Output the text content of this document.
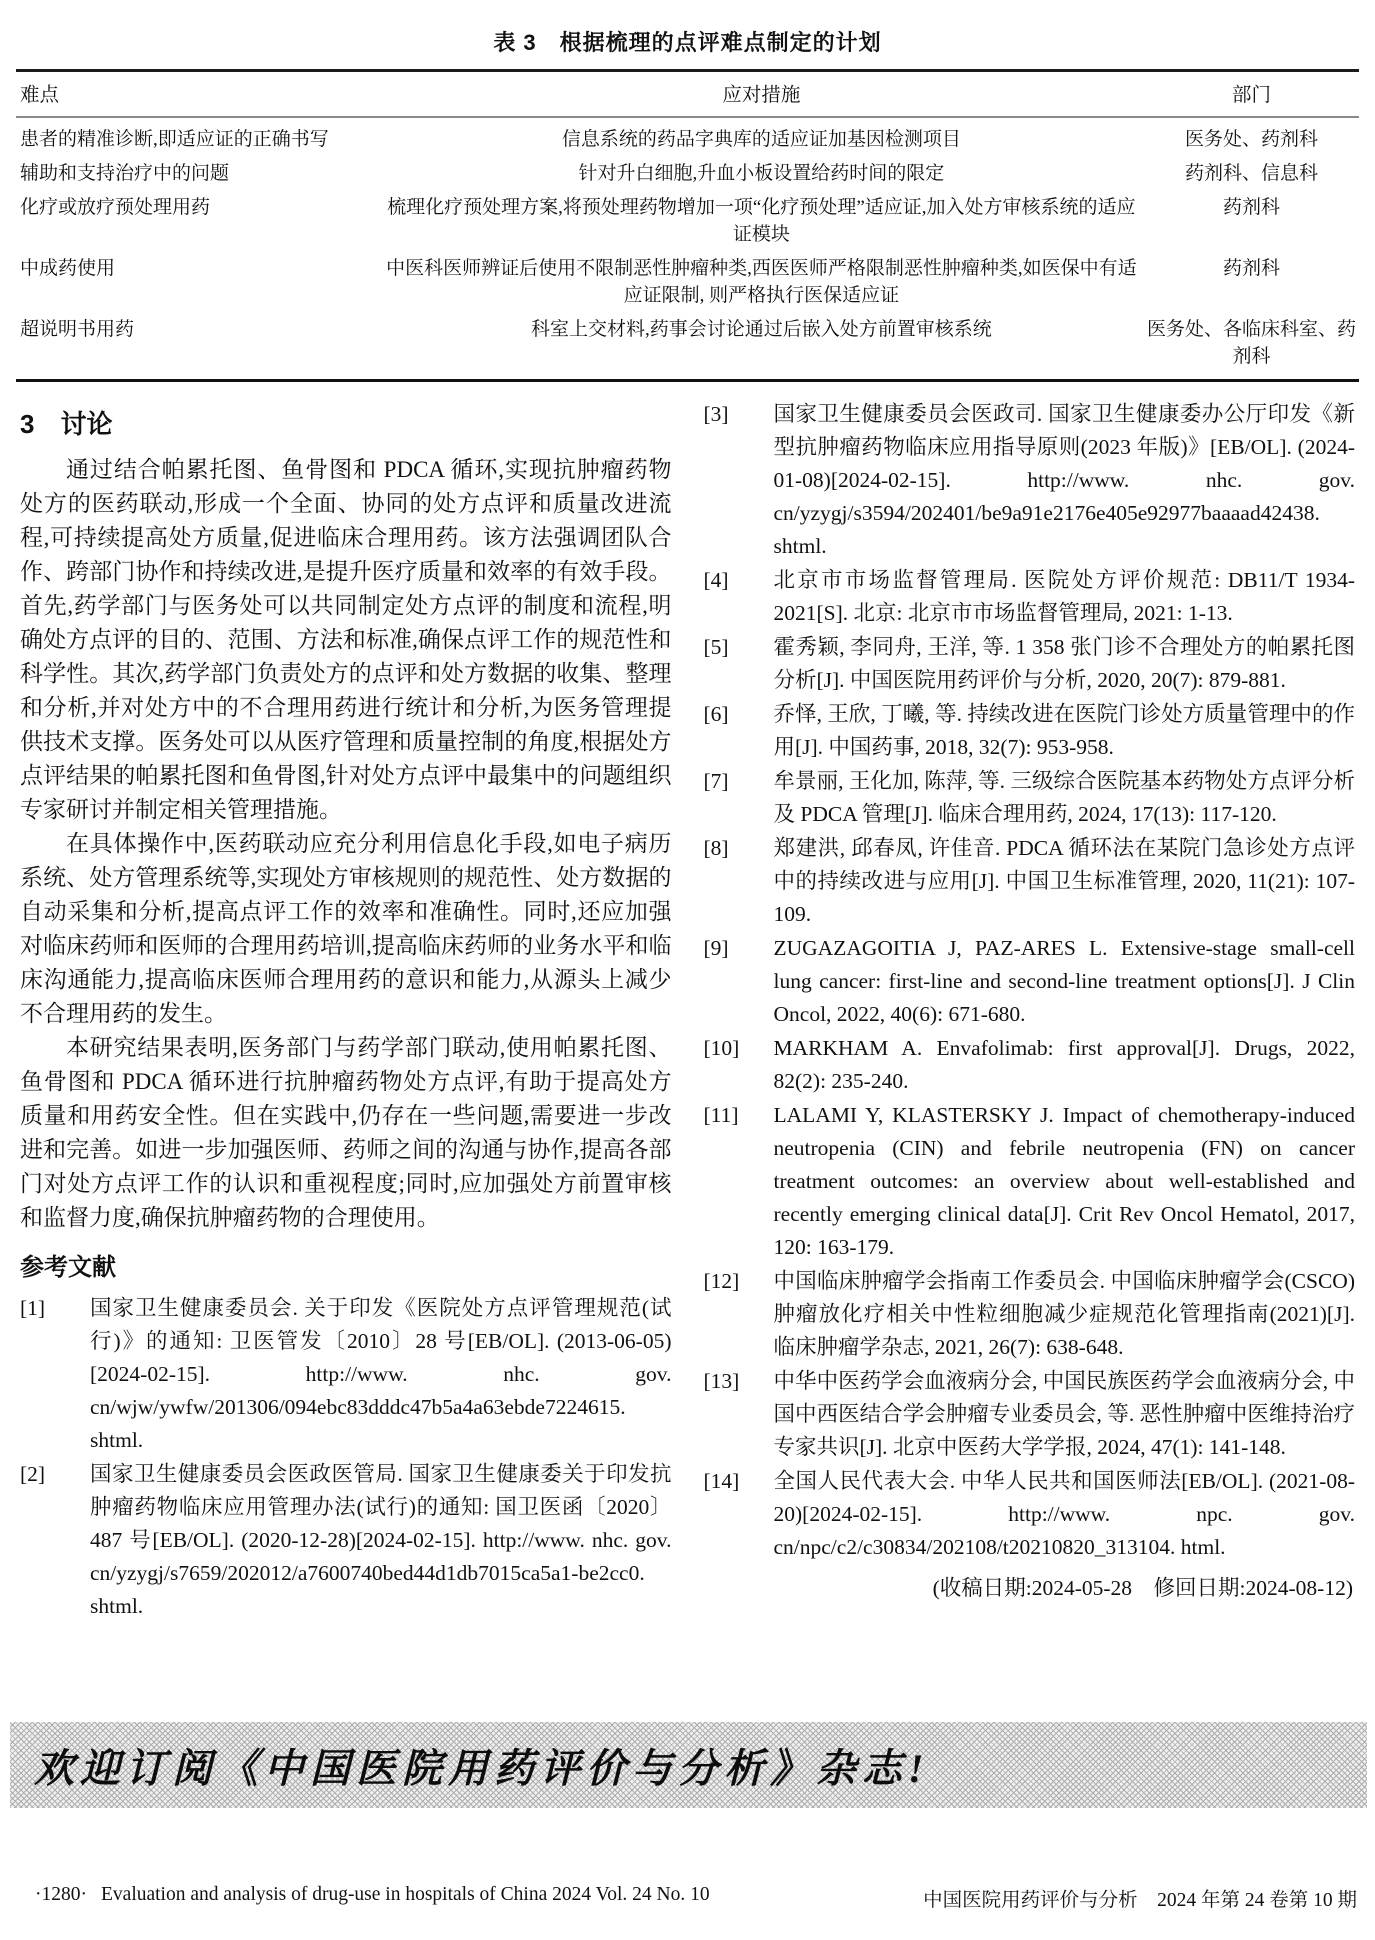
表 3　根据梳理的点评难点制定的计划
难点	应对措施	部门
患者的精准诊断,即适应证的正确书写	信息系统的药品字典库的适应证加基因检测项目	医务处、药剂科
辅助和支持治疗中的问题	针对升白细胞,升血小板设置给药时间的限定	药剂科、信息科
化疗或放疗预处理用药	梳理化疗预处理方案,将预处理药物增加一项“化疗预处理”适应证,加入处方审核系统的适应证模块	药剂科
中成药使用	中医科医师辨证后使用不限制恶性肿瘤种类,西医医师严格限制恶性肿瘤种类,如医保中有适应证限制, 则严格执行医保适应证	药剂科
超说明书用药	科室上交材料,药事会讨论通过后嵌入处方前置审核系统	医务处、各临床科室、药剂科
3 讨论

通过结合帕累托图、鱼骨图和 PDCA 循环,实现抗肿瘤药物处方的医药联动,形成一个全面、协同的处方点评和质量改进流程,可持续提高处方质量,促进临床合理用药。该方法强调团队合作、跨部门协作和持续改进,是提升医疗质量和效率的有效手段。首先,药学部门与医务处可以共同制定处方点评的制度和流程,明确处方点评的目的、范围、方法和标准,确保点评工作的规范性和科学性。其次,药学部门负责处方的点评和处方数据的收集、整理和分析,并对处方中的不合理用药进行统计和分析,为医务管理提供技术支撑。医务处可以从医疗管理和质量控制的角度,根据处方点评结果的帕累托图和鱼骨图,针对处方点评中最集中的问题组织专家研讨并制定相关管理措施。

在具体操作中,医药联动应充分利用信息化手段,如电子病历系统、处方管理系统等,实现处方审核规则的规范性、处方数据的自动采集和分析,提高点评工作的效率和准确性。同时,还应加强对临床药师和医师的合理用药培训,提高临床药师的业务水平和临床沟通能力,提高临床医师合理用药的意识和能力,从源头上减少不合理用药的发生。

本研究结果表明,医务部门与药学部门联动,使用帕累托图、鱼骨图和 PDCA 循环进行抗肿瘤药物处方点评,有助于提高处方质量和用药安全性。但在实践中,仍存在一些问题,需要进一步改进和完善。如进一步加强医师、药师之间的沟通与协作,提高各部门对处方点评工作的认识和重视程度;同时,应加强处方前置审核和监督力度,确保抗肿瘤药物的合理使用。

参考文献
[1]	国家卫生健康委员会. 关于印发《医院处方点评管理规范(试行)》的通知: 卫医管发〔2010〕28 号[EB/OL]. (2013-06-05)[2024-02-15]. http://www. nhc. gov. cn/wjw/ywfw/201306/094ebc83dddc47b5a4a63ebde7224615. shtml.
[2]	国家卫生健康委员会医政医管局. 国家卫生健康委关于印发抗肿瘤药物临床应用管理办法(试行)的通知: 国卫医函〔2020〕487 号[EB/OL]. (2020-12-28)[2024-02-15]. http://www. nhc. gov. cn/yzygj/s7659/202012/a7600740bed44d1db7015ca5a1-be2cc0. shtml.
[3]	国家卫生健康委员会医政司. 国家卫生健康委办公厅印发《新型抗肿瘤药物临床应用指导原则(2023 年版)》[EB/OL]. (2024-01-08)[2024-02-15]. http://www. nhc. gov. cn/yzygj/s3594/202401/be9a91e2176e405e92977baaaad42438. shtml.
[4]	北京市市场监督管理局. 医院处方评价规范: DB11/T 1934-2021[S]. 北京: 北京市市场监督管理局, 2021: 1-13.
[5]	霍秀颖, 李同舟, 王洋, 等. 1 358 张门诊不合理处方的帕累托图分析[J]. 中国医院用药评价与分析, 2020, 20(7): 879-881.
[6]	乔怿, 王欣, 丁曦, 等. 持续改进在医院门诊处方质量管理中的作用[J]. 中国药事, 2018, 32(7): 953-958.
[7]	牟景丽, 王化加, 陈萍, 等. 三级综合医院基本药物处方点评分析及 PDCA 管理[J]. 临床合理用药, 2024, 17(13): 117-120.
[8]	郑建洪, 邱春凤, 许佳音. PDCA 循环法在某院门急诊处方点评中的持续改进与应用[J]. 中国卫生标准管理, 2020, 11(21): 107-109.
[9]	ZUGAZAGOITIA J, PAZ-ARES L. Extensive-stage small-cell lung cancer: first-line and second-line treatment options[J]. J Clin Oncol, 2022, 40(6): 671-680.
[10]	MARKHAM A. Envafolimab: first approval[J]. Drugs, 2022, 82(2): 235-240.
[11]	LALAMI Y, KLASTERSKY J. Impact of chemotherapy-induced neutropenia (CIN) and febrile neutropenia (FN) on cancer treatment outcomes: an overview about well-established and recently emerging clinical data[J]. Crit Rev Oncol Hematol, 2017, 120: 163-179.
[12]	中国临床肿瘤学会指南工作委员会. 中国临床肿瘤学会(CSCO)肿瘤放化疗相关中性粒细胞减少症规范化管理指南(2021)[J]. 临床肿瘤学杂志, 2021, 26(7): 638-648.
[13]	中华中医药学会血液病分会, 中国民族医药学会血液病分会, 中国中西医结合学会肿瘤专业委员会, 等. 恶性肿瘤中医维持治疗专家共识[J]. 北京中医药大学学报, 2024, 47(1): 141-148.
[14]	全国人民代表大会. 中华人民共和国医师法[EB/OL]. (2021-08-20)[2024-02-15]. http://www. npc. gov. cn/npc/c2/c30834/202108/t20210820_313104. html.
(收稿日期:2024-05-28　修回日期:2024-08-12)
欢迎订阅《中国医院用药评价与分析》杂志!
·1280· Evaluation and analysis of drug-use in hospitals of China 2024 Vol. 24 No. 10	中国医院用药评价与分析　2024 年第 24 卷第 10 期
